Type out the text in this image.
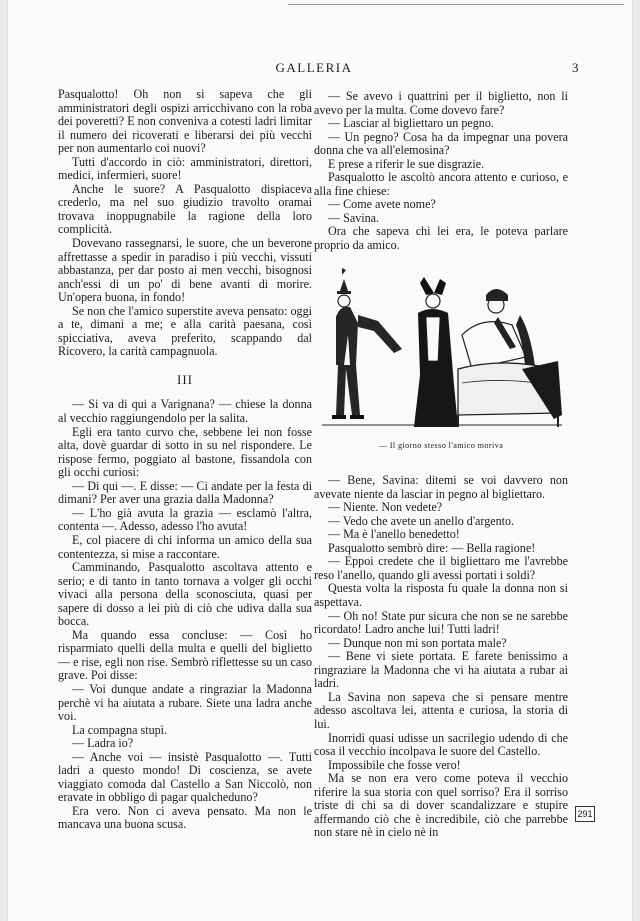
GALLERIA	3

Pasqualotto! Oh non si sapeva che gli amministratori degli ospizi arricchivano con la roba dei poveretti? E non conveniva a cotesti ladri limitar il numero dei ricoverati e liberarsi dei più vecchi per non aumentarlo coi nuovi?

Tutti d'accordo in ciò: amministratori, direttori, medici, infermieri, suore!

Anche le suore? A Pasqualotto dispiaceva crederlo, ma nel suo giudizio travolto oramai trovava inoppugnabile la ragione della loro complicità.

Dovevano rassegnarsi, le suore, che un beverone affrettasse a spedir in paradiso i più vecchi, vissuti abbastanza, per dar posto ai men vecchi, bisognosi anch'essi di un po' di bene avanti di morire. Un'opera buona, in fondo!

Se non che l'amico superstite aveva pensato: oggi a te, dimani a me; e alla carità paesana, così spicciativa, aveva preferito, scappando dal Ricovero, la carità campagnuola.

III

— Si va di qui a Varignana? — chiese la donna al vecchio raggiungendolo per la salita.

Egli era tanto curvo che, sebbene lei non fosse alta, dovè guardar di sotto in su nel rispondere. Le rispose fermo, poggiato al bastone, fissandola con gli occhi curiosi:

— Di qui —. E disse: — Ci andate per la festa di dimani? Per aver una grazia dalla Madonna?

— L'ho già avuta la grazia — esclamò l'altra, contenta —. Adesso, adesso l'ho avuta!

E, col piacere di chi informa un amico della sua contentezza, si mise a raccontare.

Camminando, Pasqualotto ascoltava attento e serio; e di tanto in tanto tornava a volger gli occhi vivaci alla persona della sconosciuta, quasi per sapere di dosso a lei più di ciò che udiva dalla sua bocca.

Ma quando essa concluse: — Così ho risparmiato quelli della multa e quelli del biglietto — e rise, egli non rise. Sembrò riflettesse su un caso grave. Poi disse:

— Voi dunque andate a ringraziar la Madonna perchè vi ha aiutata a rubare. Siete una ladra anche voi.

La compagna stupì.

— Ladra io?

— Anche voi — insistè Pasqualotto —. Tutti ladri a questo mondo! Di coscienza, se avete viaggiato comoda dal Castello a San Niccolò, non eravate in obbligo di pagar qualcheduno?

Era vero. Non ci aveva pensato. Ma non le mancava una buona scusa.

— Se avevo i quattrini per il biglietto, non li avevo per la multa. Come dovevo fare?

— Lasciar al bigliettaro un pegno.

— Un pegno? Cosa ha da impegnar una povera donna che va all'elemosina?

E prese a riferir le sue disgrazie.

Pasqualotto le ascoltò ancora attento e curioso, e alla fine chiese:

— Come avete nome?

— Savina.

Ora che sapeva chi lei era, le poteva parlare proprio da amico.

— Il giorno stesso l'amico moriva

— Bene, Savina: ditemi se voi davvero non avevate niente da lasciar in pegno al bigliettaro.

— Niente. Non vedete?

— Vedo che avete un anello d'argento.

— Ma è l'anello benedetto!

Pasqualotto sembrò dire: — Bella ragione!

— Eppoi credete che il bigliettaro me l'avrebbe reso l'anello, quando gli avessi portati i soldi?

Questa volta la risposta fu quale la donna non si aspettava.

— Oh no! State pur sicura che non se ne sarebbe ricordato! Ladro anche lui! Tutti ladri!

— Dunque non mi son portata male?

— Bene vi siete portata. E farete benissimo a ringraziare la Madonna che vi ha aiutata a rubar ai ladri.

La Savina non sapeva che si pensare mentre adesso ascoltava lei, attenta e curiosa, la storia di lui.

Inorridì quasi udisse un sacrilegio udendo di che cosa il vecchio incolpava le suore del Castello.

Impossibile che fosse vero!

Ma se non era vero come poteva il vecchio riferire la sua storia con quel sorriso? Era il sorriso triste di chi sa di dover scandalizzare e stupire affermando ciò che è incredibile, ciò che parrebbe non stare nè in cielo nè in

291
